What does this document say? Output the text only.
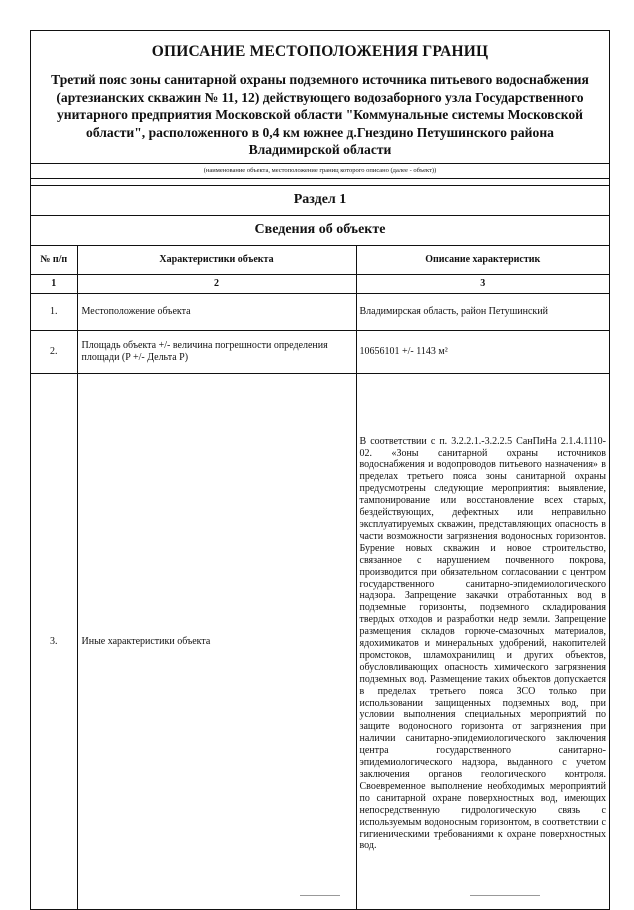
ОПИСАНИЕ МЕСТОПОЛОЖЕНИЯ ГРАНИЦ
Третий пояс зоны санитарной охраны подземного источника питьевого водоснабжения (артезианских скважин № 11, 12) действующего водозаборного узла Государственного унитарного предприятия Московской области "Коммунальные системы Московской области", расположенного в 0,4 км южнее д.Гнездино Петушинского района Владимирской области
(наименование объекта, местоположение границ которого описано (далее - объект))
Раздел 1
Сведения об объекте
№ п/п	Характеристики объекта	Описание характеристик
1	2	3
1.	Местоположение объекта	Владимирская область, район Петушинский
2.	Площадь объекта +/- величина погрешности определения площади (P +/- Дельта P)	10656101 +/- 1143 м²
3.	Иные характеристики объекта	В соответствии с п. 3.2.2.1.-3.2.2.5 СанПиНа 2.1.4.1110-02. «Зоны санитарной охраны источников водоснабжения и водопроводов питьевого назначения» в пределах третьего пояса зоны санитарной охраны предусмотрены следующие мероприятия: выявление, тампонирование или восстановление всех старых, бездействующих, дефектных или неправильно эксплуатируемых скважин, представляющих опасность в части возможности загрязнения водоносных горизонтов. Бурение новых скважин и новое строительство, связанное с нарушением почвенного покрова, производится при обязательном согласовании с центром государственного санитарно-эпидемиологического надзора. Запрещение закачки отработанных вод в подземные горизонты, подземного складирования твердых отходов и разработки недр земли. Запрещение размещения складов горюче-смазочных материалов, ядохимикатов и минеральных удобрений, накопителей промстоков, шламохранилищ и других объектов, обусловливающих опасность химического загрязнения подземных вод. Размещение таких объектов допускается в пределах третьего пояса ЗСО только при использовании защищенных подземных вод, при условии выполнения специальных мероприятий по защите водоносного горизонта от загрязнения при наличии санитарно-эпидемиологического заключения центра государственного санитарно-эпидемиологического надзора, выданного с учетом заключения органов геологического контроля. Своевременное выполнение необходимых мероприятий по санитарной охране поверхностных вод, имеющих непосредственную гидрологическую связь с используемым водоносным горизонтом, в соответствии с гигиеническими требованиями к охране поверхностных вод.
